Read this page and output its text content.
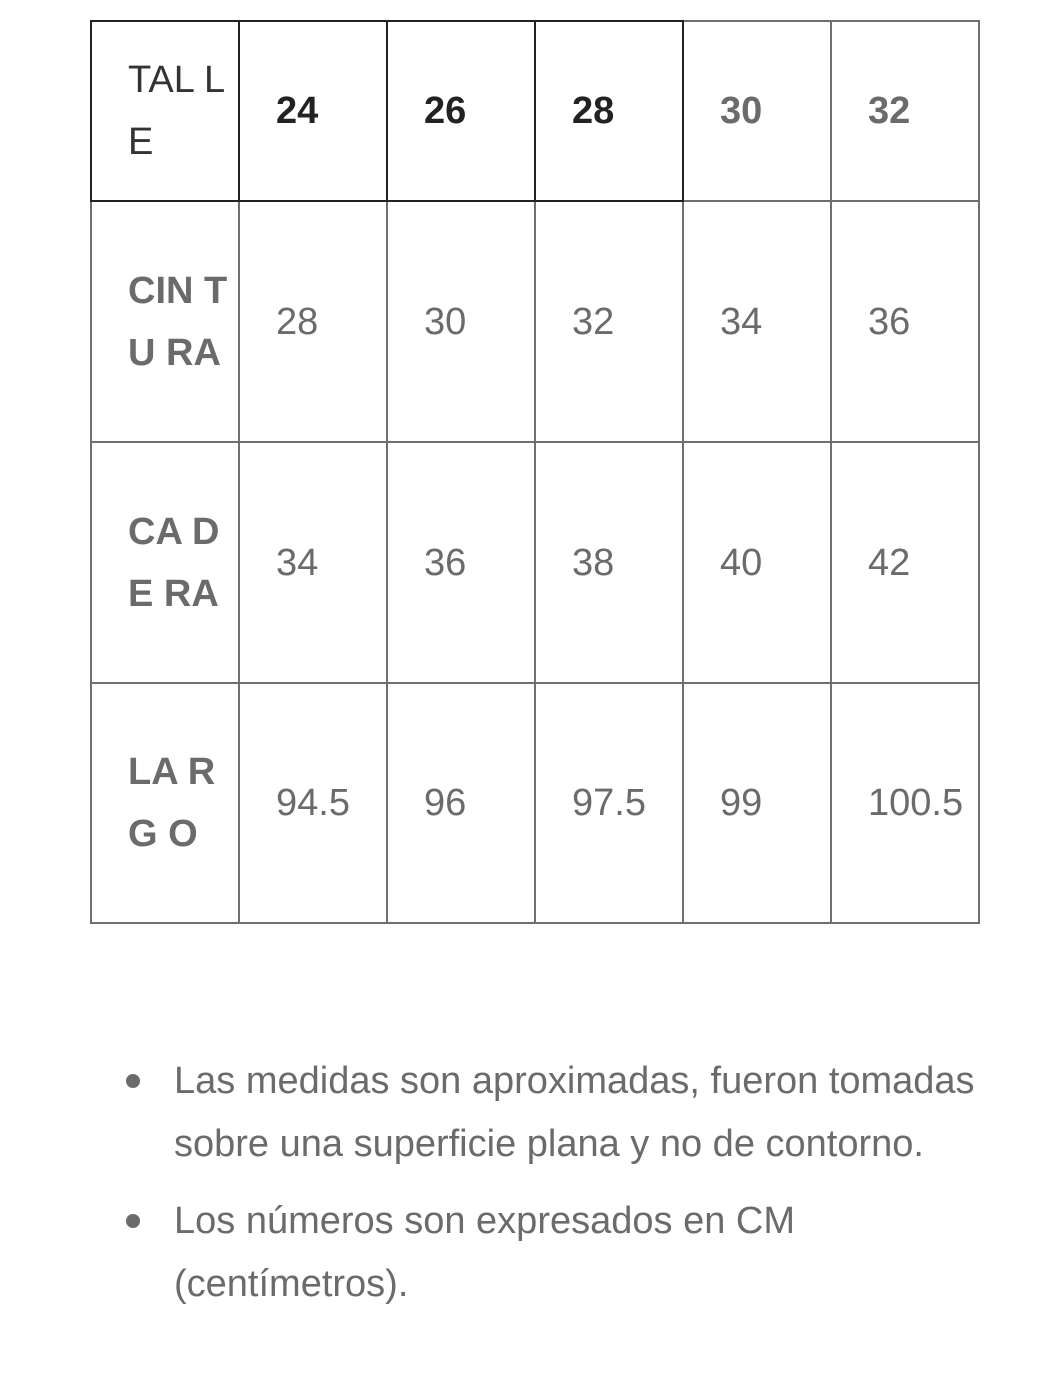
TAL LE	24	26	28	30	32
CIN TU RA	28	30	32	34	36
CA DE RA	34	36	38	40	42
LA RG O	94.5	96	97.5	99	100.5
Las medidas son aproximadas, fueron tomadas sobre una superficie plana y no de contorno.
Los números son expresados en CM (centímetros).
